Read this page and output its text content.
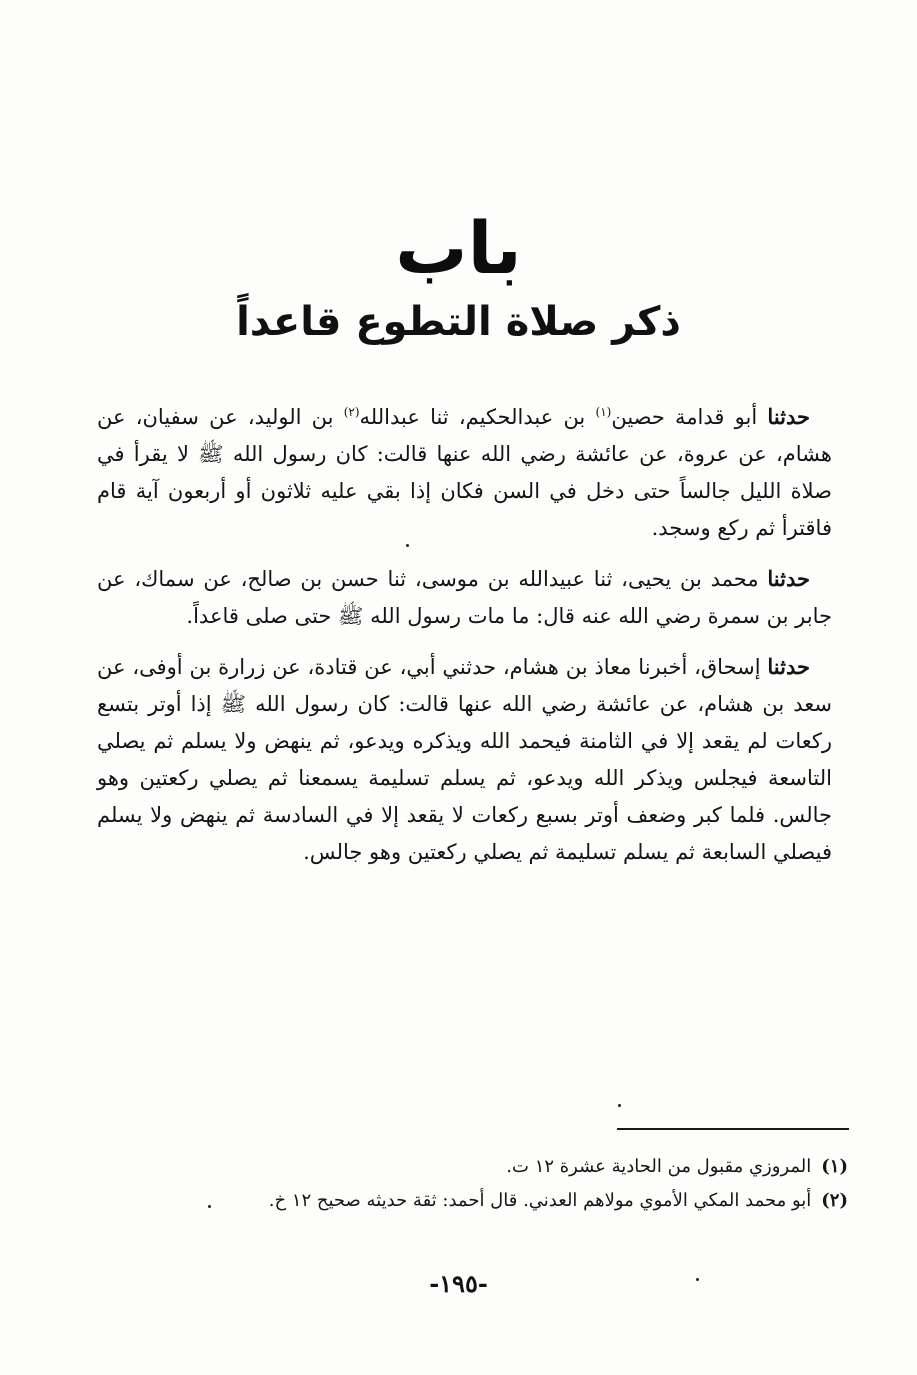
باب
ذكر صلاة التطوع قاعداً

حدثنا أبو قدامة حصين$^{(١)}$ بن عبدالحكيم، ثنا عبدالله$^{(٢)}$ بن الوليد، عن سفيان، عن هشام، عن عروة، عن عائشة رضي الله عنها قالت: كان رسول الله ﷺ لا يقرأ في صلاة الليل جالساً حتى دخل في السن فكان إذا بقي عليه ثلاثون أو أربعون آية قام فاقترأ ثم ركع وسجد.

حدثنا محمد بن يحيى، ثنا عبيدالله بن موسى، ثنا حسن بن صالح، عن سماك، عن جابر بن سمرة رضي الله عنه قال: ما مات رسول الله ﷺ حتى صلى قاعداً.

حدثنا إسحاق، أخبرنا معاذ بن هشام، حدثني أبي، عن قتادة، عن زرارة بن أوفى، عن سعد بن هشام، عن عائشة رضي الله عنها قالت: كان رسول الله ﷺ إذا أوتر بتسع ركعات لم يقعد إلا في الثامنة فيحمد الله ويذكره ويدعو، ثم ينهض ولا يسلم ثم يصلي التاسعة فيجلس ويذكر الله ويدعو، ثم يسلم تسليمة يسمعنا ثم يصلي ركعتين وهو جالس. فلما كبر وضعف أوتر بسبع ركعات لا يقعد إلا في السادسة ثم ينهض ولا يسلم فيصلي السابعة ثم يسلم تسليمة ثم يصلي ركعتين وهو جالس.

(١)المروزي مقبول من الحادية عشرة ١٢ ت.

(٢)أبو محمد المكي الأموي مولاهم العدني. قال أحمد: ثقة حديثه صحيح ١٢ خ.

-١٩٥-
